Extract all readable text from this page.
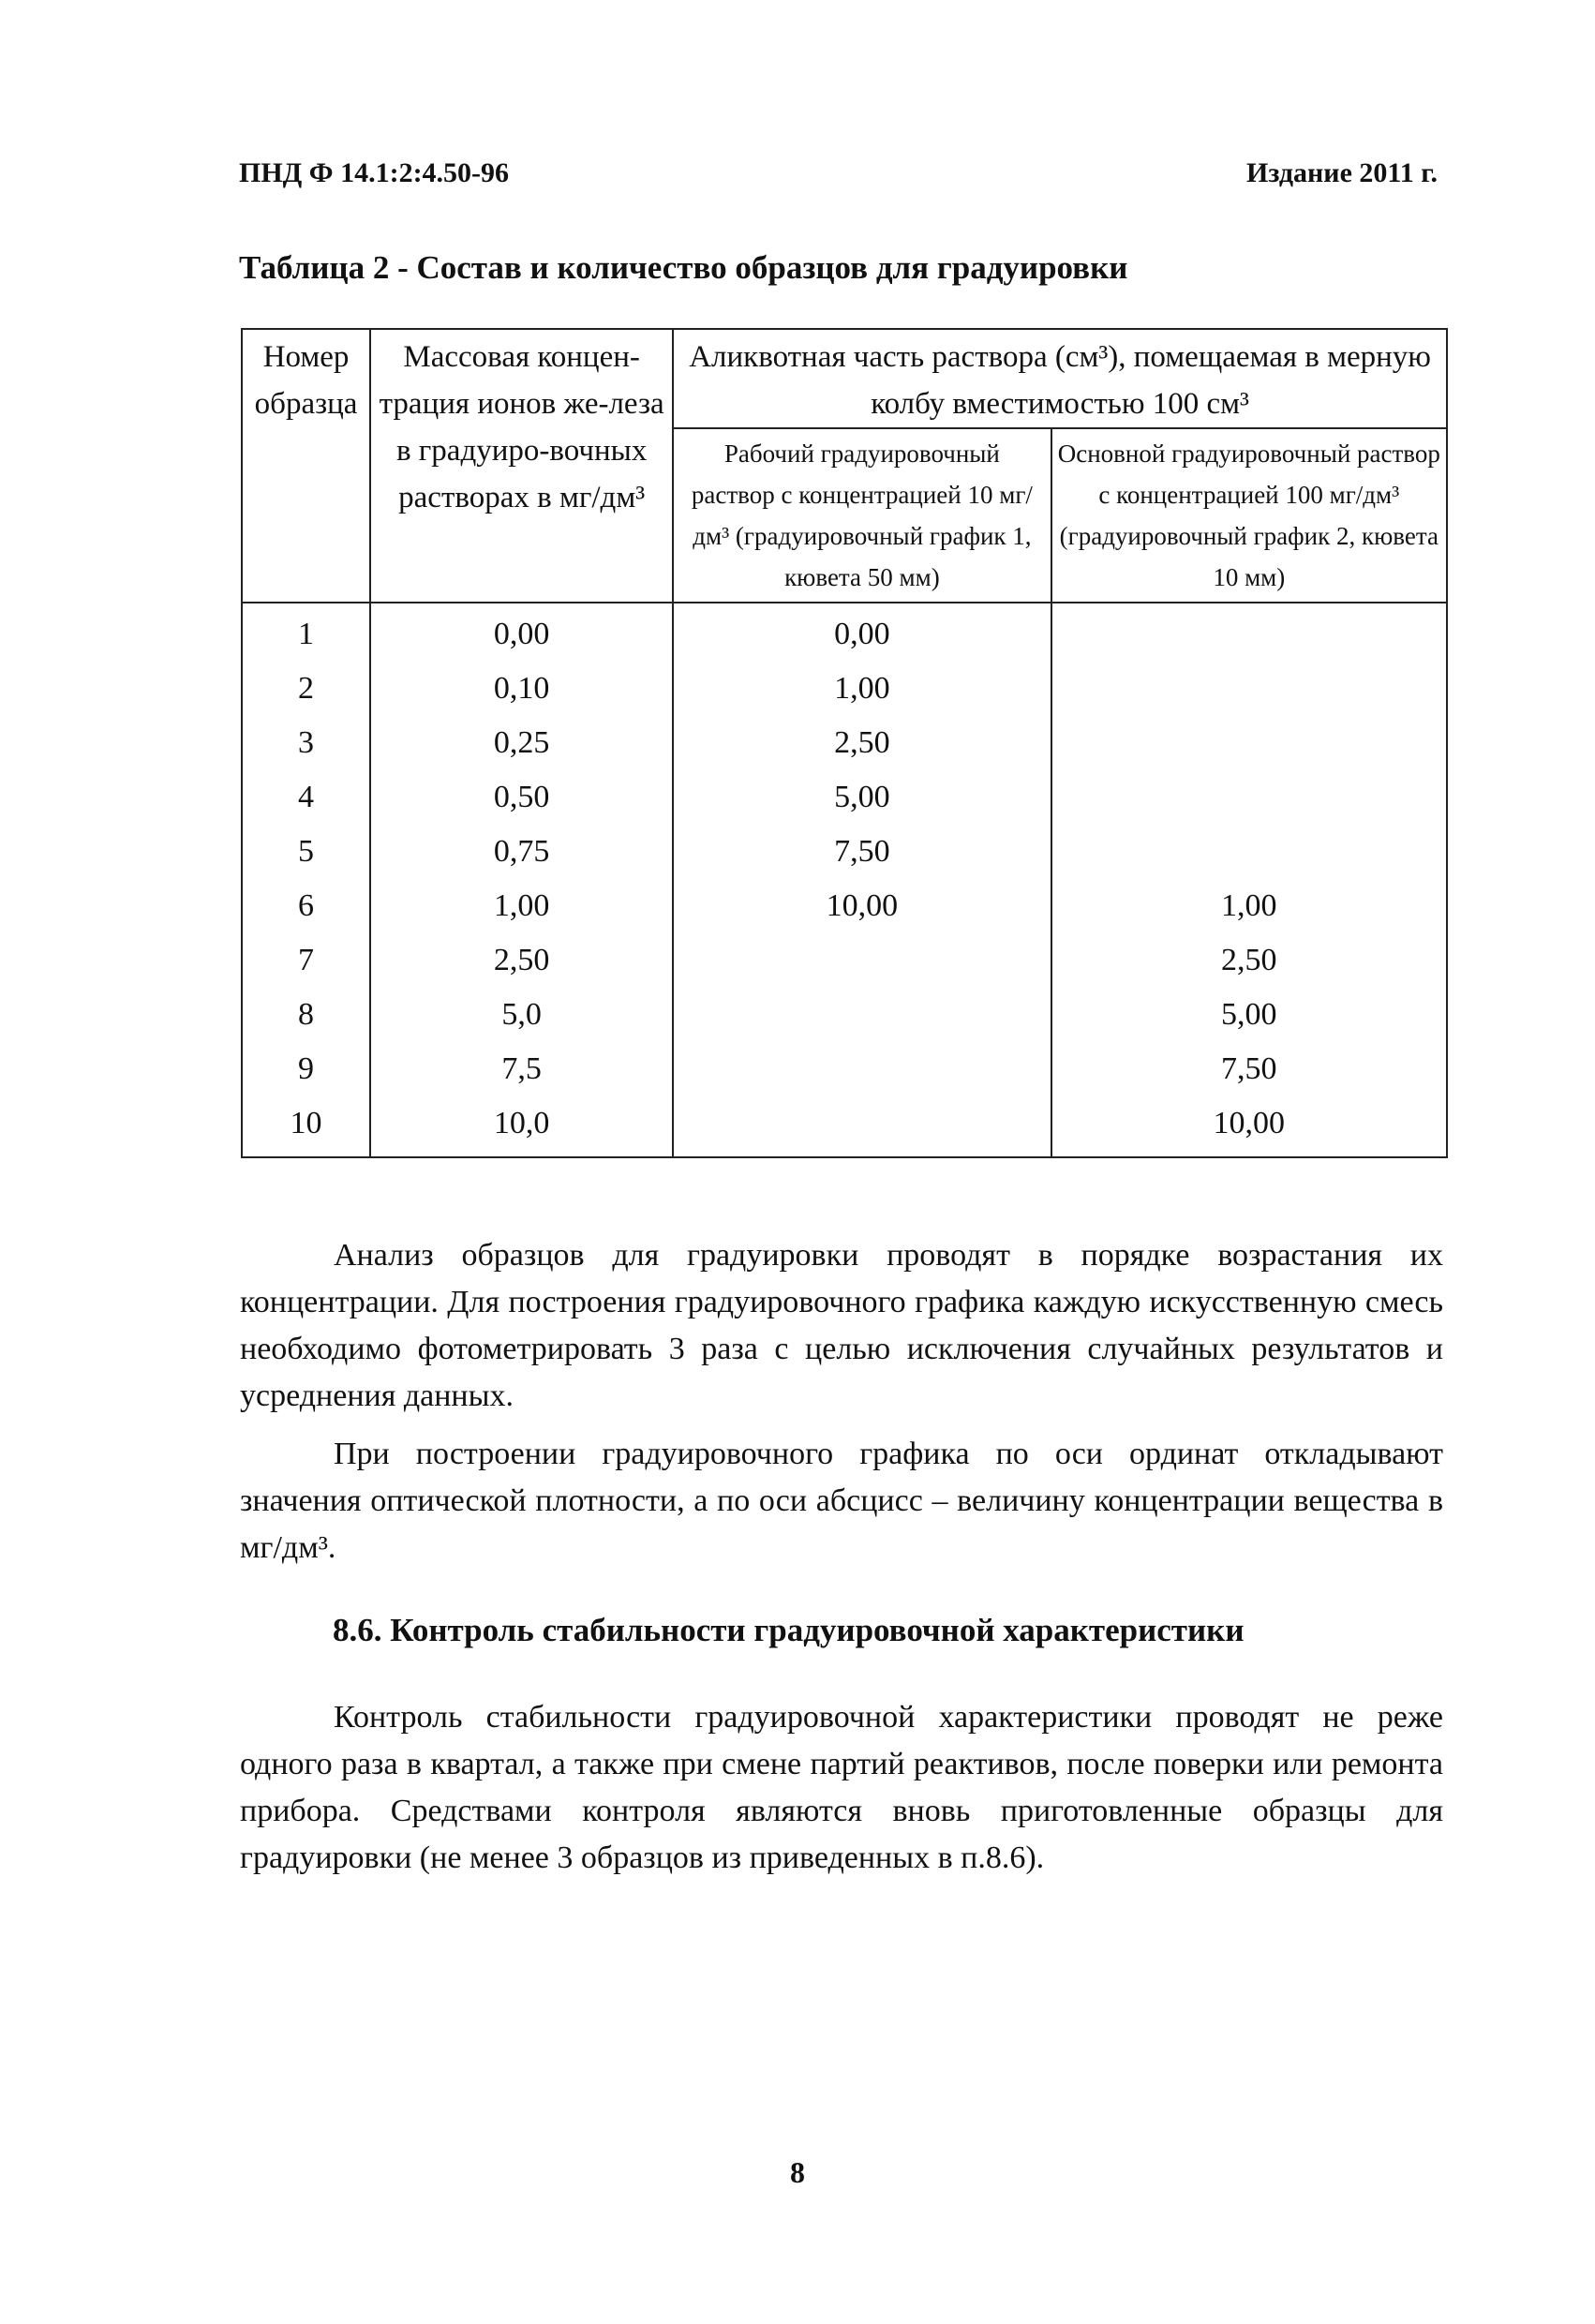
ПНД Ф 14.1:2:4.50-96	Издание 2011 г.
Таблица 2 - Состав и количество образцов для градуировки
Номер образца	Массовая концен-трация ионов же-леза в градуиро-вочных растворах в мг/дм³	Аликвотная часть раствора (см³), помещаемая в мерную колбу вместимостью 100 см³	
		Рабочий градуировочный раствор с концентрацией 10 мг/дм³ (градуировочный график 1, кювета 50 мм)	Основной градуировочный раствор с концентрацией 100 мг/дм³ (градуировочный график 2, кювета 10 мм)
1	0,00	0,00	
2	0,10	1,00	
3	0,25	2,50	
4	0,50	5,00	
5	0,75	7,50	
6	1,00	10,00	1,00
7	2,50		2,50
8	5,0		5,00
9	7,5		7,50
10	10,0		10,00

Анализ образцов для градуировки проводят в порядке возрастания их концентрации. Для построения градуировочного графика каждую искусственную смесь необходимо фотометрировать 3 раза с целью исключения случайных результатов и усреднения данных.

При построении градуировочного графика по оси ординат откладывают значения оптической плотности, а по оси абсцисс – величину концентрации вещества в мг/дм³.

8.6. Контроль стабильности градуировочной характеристики

Контроль стабильности градуировочной характеристики проводят не реже одного раза в квартал, а также при смене партий реактивов, после поверки или ремонта прибора. Средствами контроля являются вновь приготовленные образцы для градуировки (не менее 3 образцов из приведенных в п.8.6).

8
